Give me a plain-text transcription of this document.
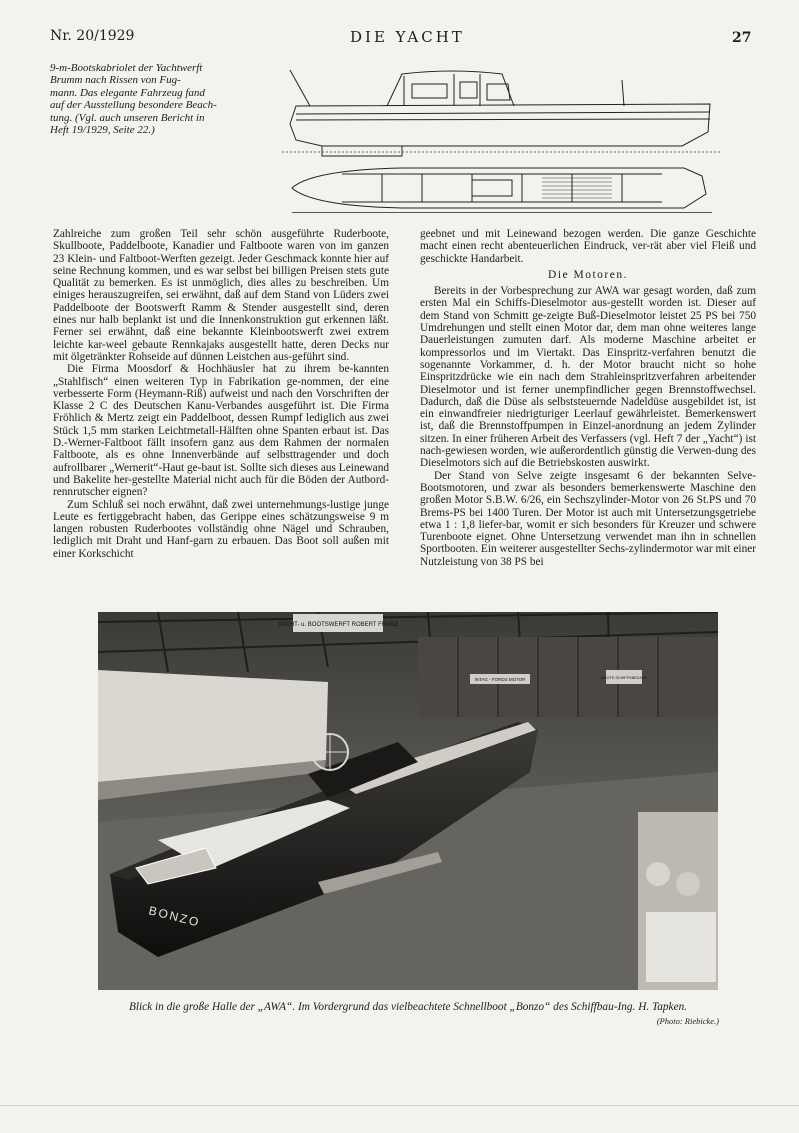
Nr. 20/1929	DIE YACHT	27
9-m-Bootskabriolet der Yachtwerft
Brumm nach Rissen von Fug-
mann. Das elegante Fahrzeug fand
auf der Ausstellung besondere Beach-
tung. (Vgl. auch unseren Bericht in
Heft 19/1929, Seite 22.)

Zahlreiche zum großen Teil sehr schön ausgeführte Ruderboote, Skullboote, Paddelboote, Kanadier und Faltboote waren von im ganzen 23 Klein- und Faltboot-Werften gezeigt. Jeder Geschmack konnte hier auf seine Rechnung kommen, und es war selbst bei billigen Preisen stets gute Qualität zu bemerken. Es ist unmöglich, dies alles zu beschreiben. Um einiges herauszugreifen, sei erwähnt, daß auf dem Stand von Lüders zwei Paddelboote der Bootswerft Ramm & Stender ausgestellt sind, deren eines nur halb beplankt ist und die Innenkonstruktion gut erkennen läßt. Ferner sei erwähnt, daß eine bekannte Kleinbootswerft zwei extrem leichte kar-weel gebaute Rennkajaks ausgestellt hatte, deren Decks nur mit ölgetränkter Rohseide auf dünnen Leistchen aus-geführt sind.

Die Firma Moosdorf & Hochhäusler hat zu ihrem be-kannten „Stahlfisch“ einen weiteren Typ in Fabrikation ge-nommen, der eine verbesserte Form (Heymann-Riß) aufweist und nach den Vorschriften der Klasse 2 C des Deutschen Kanu-Verbandes ausgeführt ist. Die Firma Fröhlich & Mertz zeigt ein Paddelboot, dessen Rumpf lediglich aus zwei Stück 1,5 mm starken Leichtmetall-Hälften ohne Spanten erbaut ist. Das D.-Werner-Faltboot fällt insofern ganz aus dem Rahmen der normalen Faltboote, als es ohne Innenverbände auf selbsttragender und doch aufrollbarer „Wernerit“-Haut ge-baut ist. Sollte sich dieses aus Leinewand und Bakelite her-gestellte Material nicht auch für die Böden der Autbord-rennrutscher eignen?

Zum Schluß sei noch erwähnt, daß zwei unternehmungs-lustige junge Leute es fertiggebracht haben, das Gerippe eines schätzungsweise 9 m langen robusten Ruderbootes vollständig ohne Nägel und Schrauben, lediglich mit Draht und Hanf-garn zu erbauen. Das Boot soll außen mit einer Korkschicht

geebnet und mit Leinewand bezogen werden. Die ganze Geschichte macht einen recht abenteuerlichen Eindruck, ver-rät aber viel Fleiß und geschickte Handarbeit.

Die Motoren.

Bereits in der Vorbesprechung zur AWA war gesagt worden, daß zum ersten Mal ein Schiffs-Dieselmotor aus-gestellt worden ist. Dieser auf dem Stand von Schmitt ge-zeigte Buß-Dieselmotor leistet 25 PS bei 750 Umdrehungen und stellt einen Motor dar, dem man ohne weiteres lange Dauerleistungen zumuten darf. Als moderne Maschine arbeitet er kompressorlos und im Viertakt. Das Einspritz-verfahren benutzt die sogenannte Vorkammer, d. h. der Motor braucht nicht so hohe Einspritzdrücke wie ein nach dem Strahleinspritzverfahren arbeitender Dieselmotor und ist ferner unempfindlicher gegen Brennstoffwechsel. Dadurch, daß die Düse als selbststeuernde Nadeldüse ausgebildet ist, ist ein einwandfreier niedrigturiger Leerlauf gewährleistet. Bemerkenswert ist, daß die Brennstoffpumpen in Einzel-anordnung an jedem Zylinder sitzen. In einer früheren Arbeit des Verfassers (vgl. Heft 7 der „Yacht“) ist nach-gewiesen worden, wie außerordentlich günstig die Verwen-dung des Dieselmotors sich auf die Betriebskosten auswirkt.

Der Stand von Selve zeigte insgesamt 6 der bekannten Selve-Bootsmotoren, und zwar als besonders bemerkenswerte Maschine den großen Motor S.B.W. 6/26, ein Sechszylinder-Motor von 26 St.PS und 70 Brems-PS bei 1400 Turen. Der Motor ist auch mit Untersetzungsgetriebe etwa 1 : 1,8 liefer-bar, womit er sich besonders für Kreuzer und schwere Turenboote eignet. Ohne Untersetzung verwendet man ihn in schnellen Sportbooten. Ein weiterer ausgestellter Sechs-zylindermotor war mit einer Nutzleistung von 38 PS bei

YACHT- u. BOOTSWERFT ROBERT FRANZ
INTAG - FORDS MOTOR	BOOTE SCHIFFSBEDARF
BONZO
Blick in die große Halle der „AWA“. Im Vordergrund das vielbeachtete Schnellboot „Bonzo“ des Schiffbau-Ing. H. Tapken.
(Photo: Riebicke.)
